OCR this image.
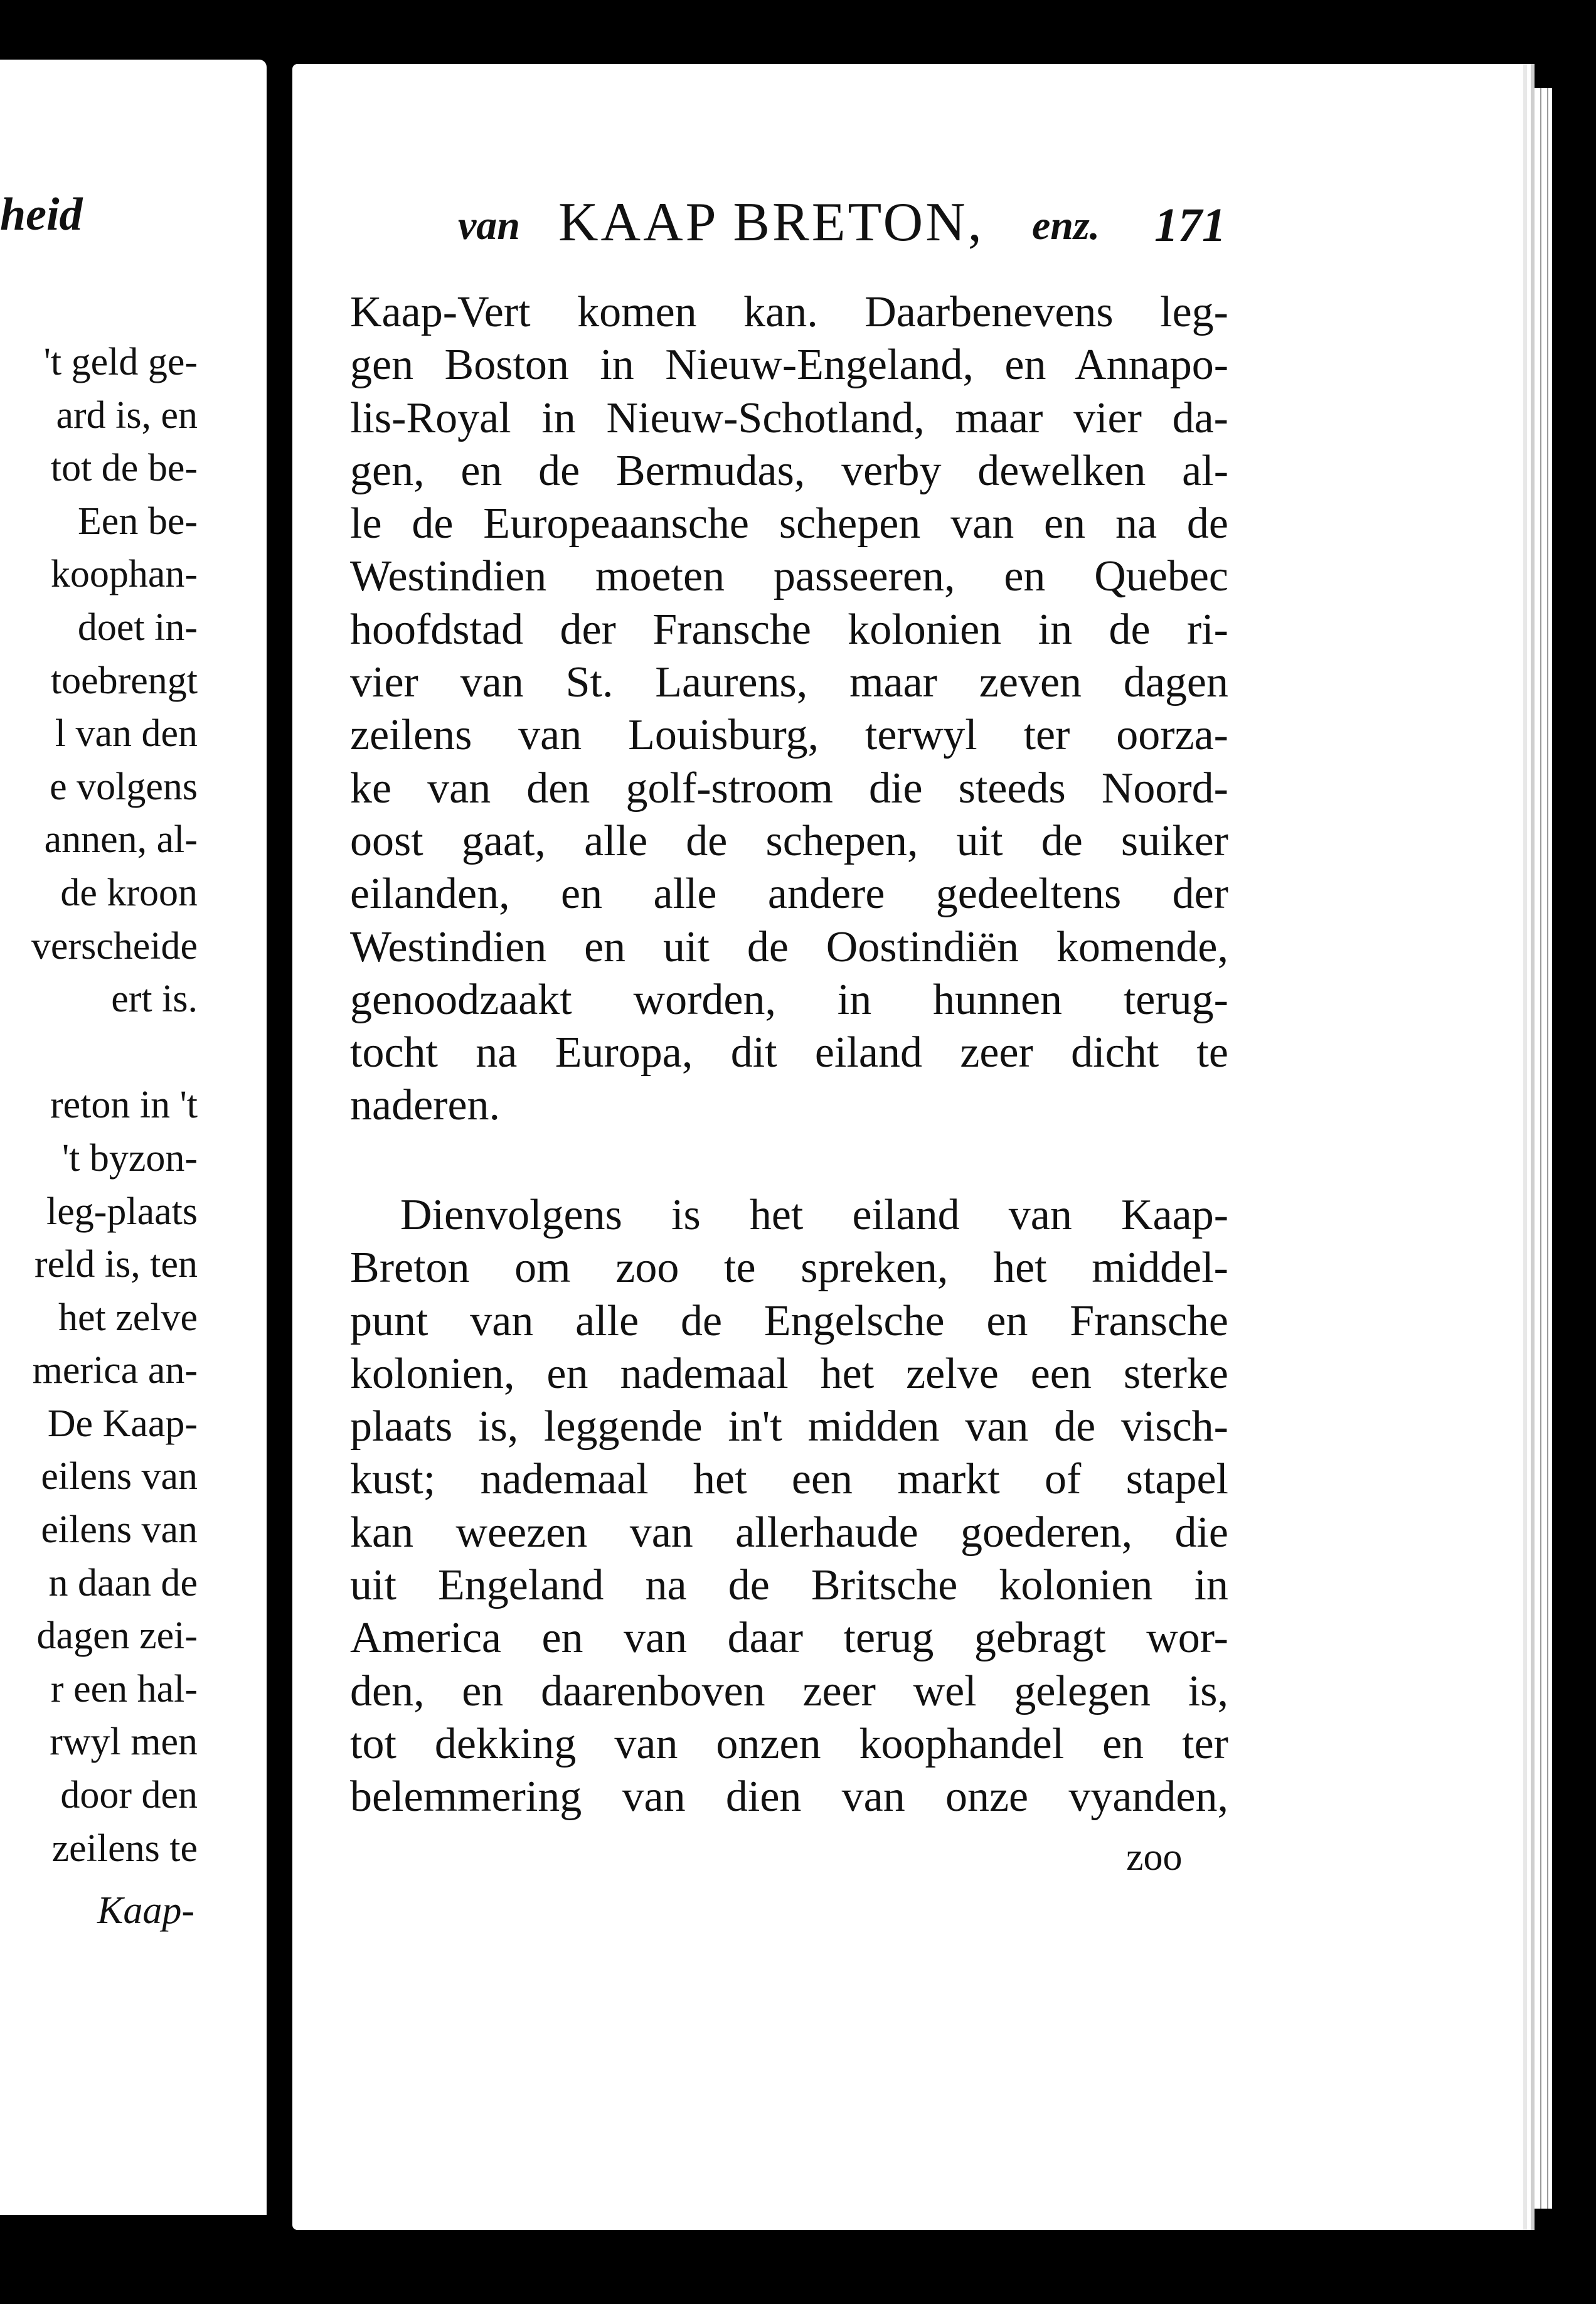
heid
't geld ge-
ard is, en
tot de be-
Een be-
koophan-
doet in-
toebrengt
l van den
e volgens
annen, al-
de kroon
verscheide
ert is.
reton in 't
't byzon-
leg-plaats
reld is, ten
het zelve
merica an-
De Kaap-
eilens van
eilens van
n daan de
dagen zei-
r een hal-
rwyl men
door den
zeilens te
Kaap-
van KAAP BRETON, enz. 171
Kaap-Vert komen kan. Daarbenevens leg-
gen Boston in Nieuw-Engeland, en Annapo-
lis-Royal in Nieuw-Schotland, maar vier da-
gen, en de Bermudas, verby dewelken al-
le de Europeaansche schepen van en na de
Westindien moeten passeeren, en Quebec
hoofdstad der Fransche kolonien in de ri-
vier van St. Laurens, maar zeven dagen
zeilens van Louisburg, terwyl ter oorza-
ke van den golf-stroom die steeds Noord-
oost gaat, alle de schepen, uit de suiker
eilanden, en alle andere gedeeltens der
Westindien en uit de Oostindiën komende,
genoodzaakt worden, in hunnen terug-
tocht na Europa, dit eiland zeer dicht te
naderen.
Dienvolgens is het eiland van Kaap-
Breton om zoo te spreken, het middel-
punt van alle de Engelsche en Fransche
kolonien, en nademaal het zelve een sterke
plaats is, leggende in't midden van de visch-
kust; nademaal het een markt of stapel
kan weezen van allerhaude goederen, die
uit Engeland na de Britsche kolonien in
America en van daar terug gebragt wor-
den, en daarenboven zeer wel gelegen is,
tot dekking van onzen koophandel en ter
belemmering van dien van onze vyanden,
zoo
